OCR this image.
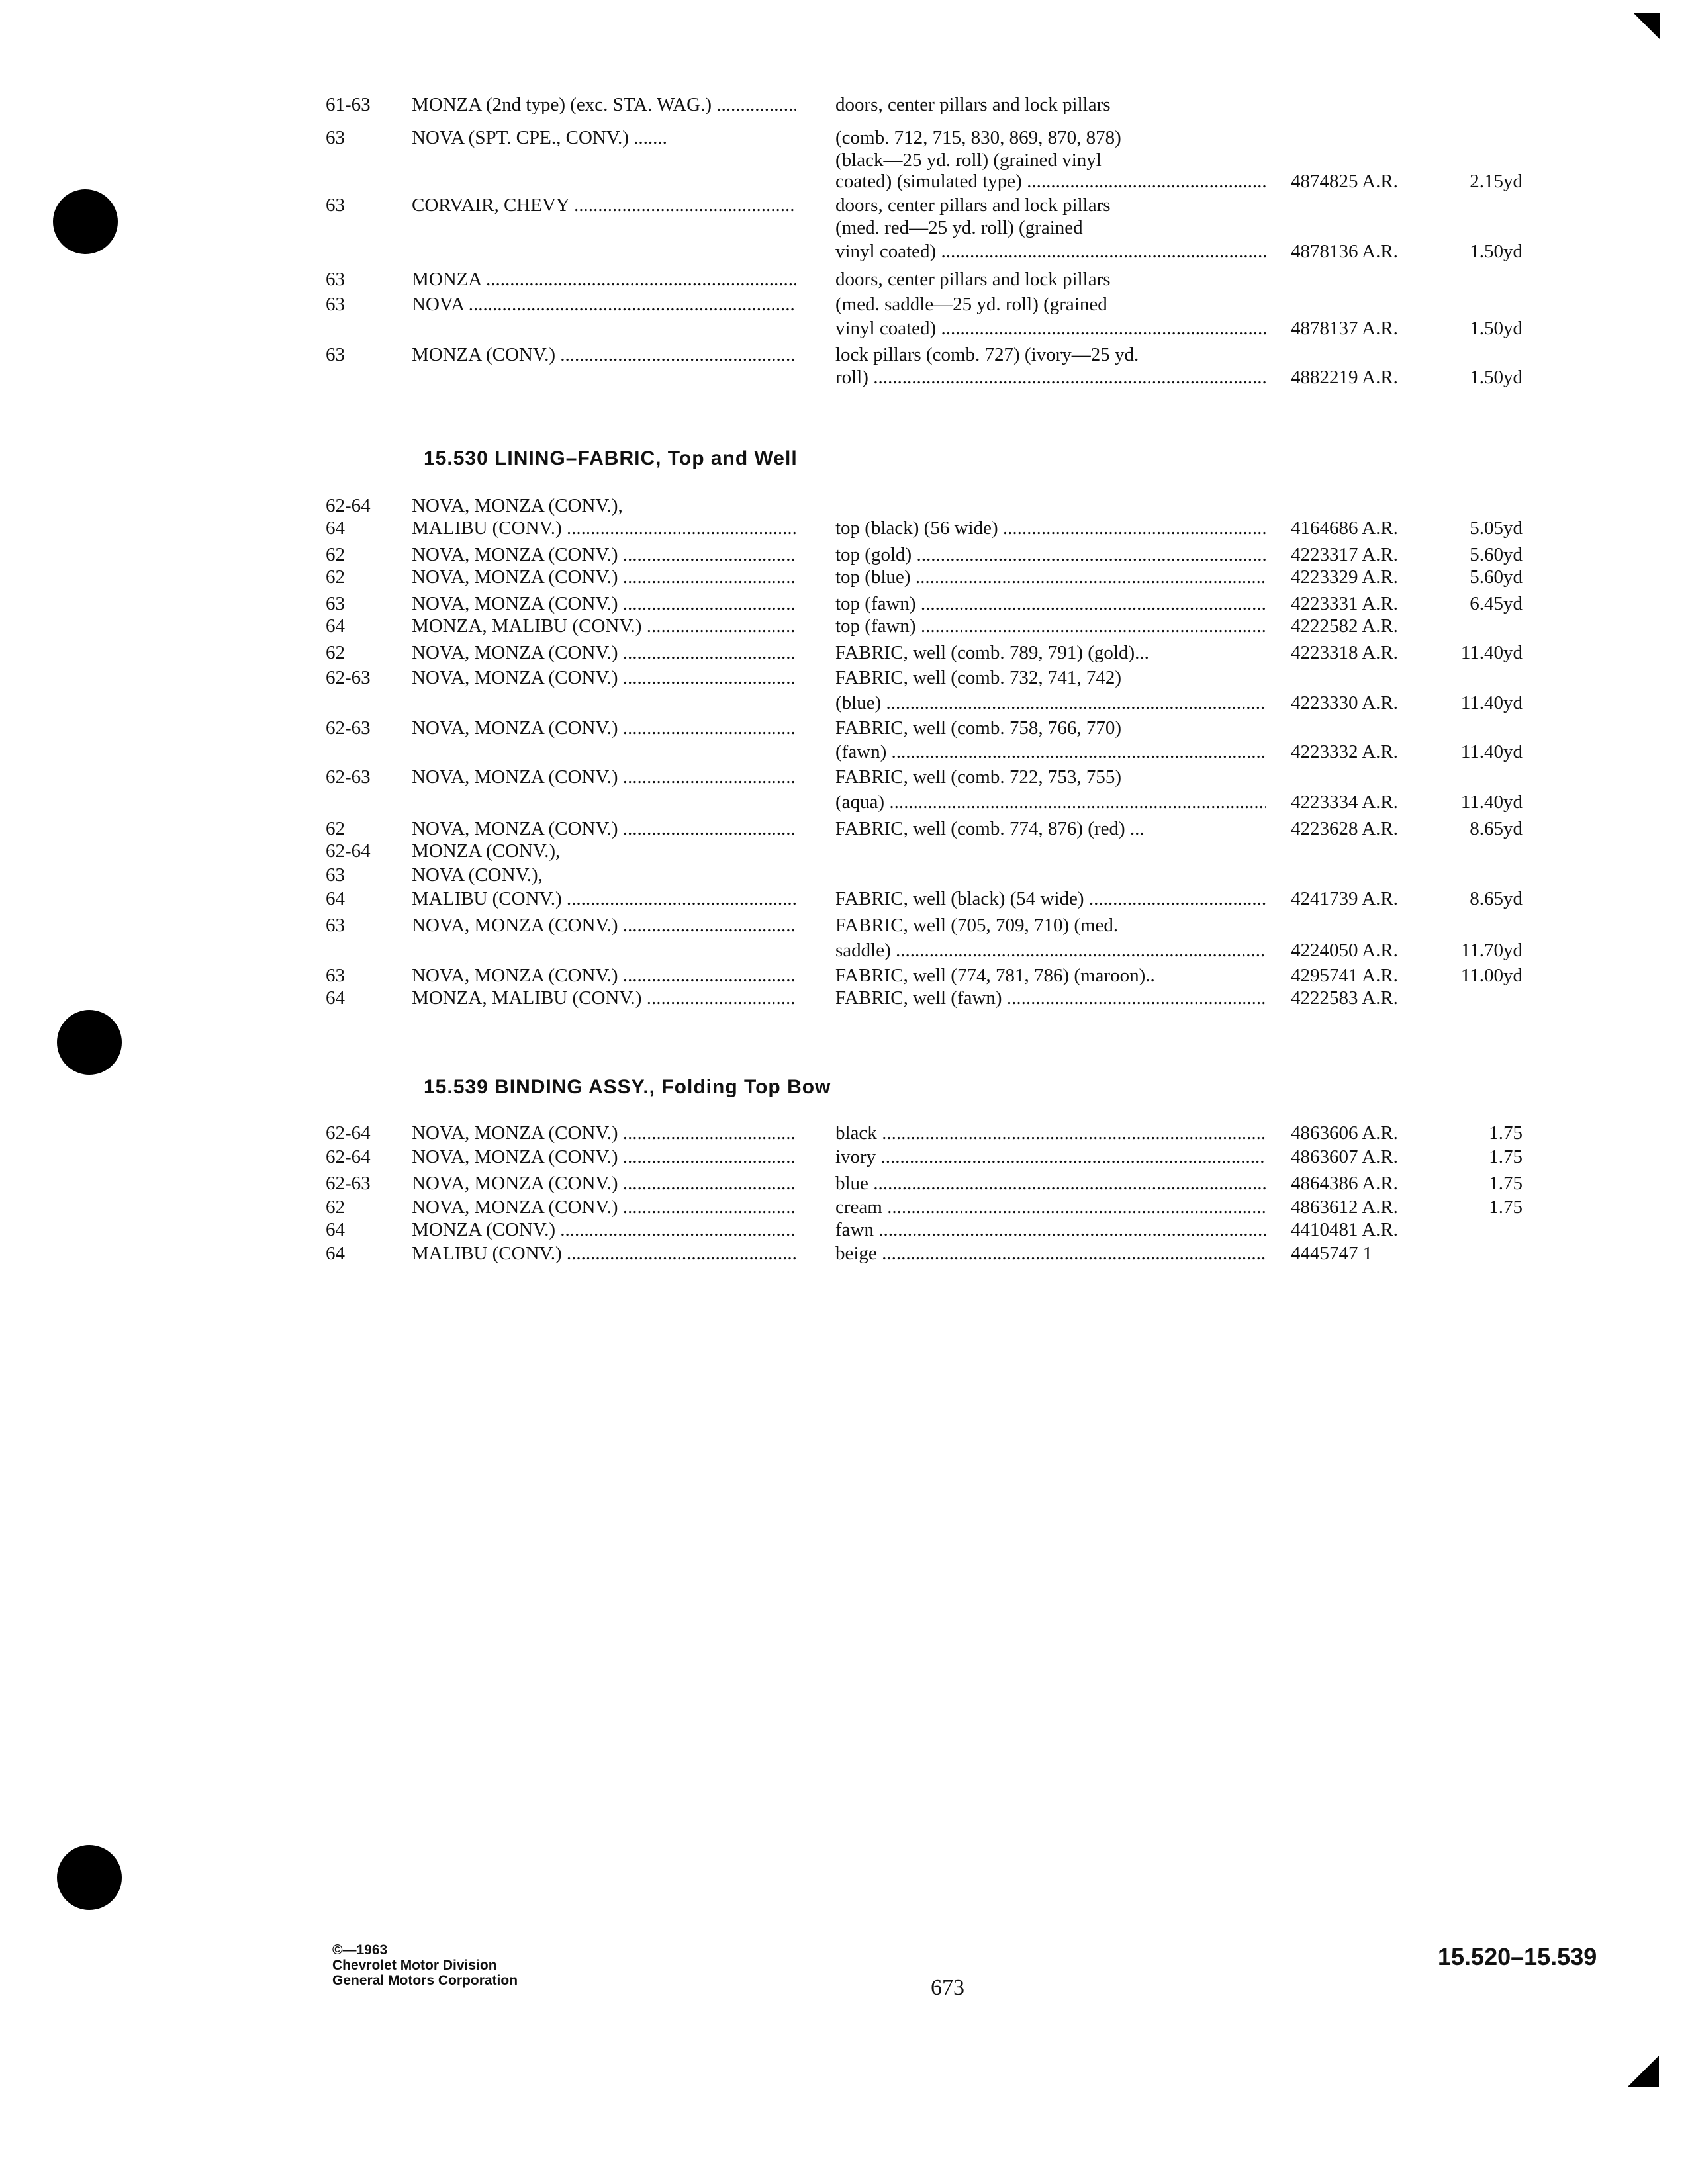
61-63	MONZA (2nd type) (exc. STA. WAG.) .....	doors, center pillars and lock pillars
63	NOVA (SPT. CPE., CONV.) .......	(comb. 712, 715, 830, 869, 870, 878)
(black—25 yd. roll) (grained vinyl
coated) (simulated type) .....	4874825 A.R.	2.15yd
63	CORVAIR, CHEVY .....	doors, center pillars and lock pillars
(med. red—25 yd. roll) (grained
vinyl coated) .....	4878136 A.R.	1.50yd
63	MONZA .....	doors, center pillars and lock pillars
63	NOVA .....	(med. saddle—25 yd. roll) (grained
vinyl coated) .....	4878137 A.R.	1.50yd
63	MONZA (CONV.) .....	lock pillars (comb. 727) (ivory—25 yd.
roll) .....	4882219 A.R.	1.50yd
15.530 LINING–FABRIC, Top and Well
62-64	NOVA, MONZA (CONV.),
64	MALIBU (CONV.) .....	top (black) (56 wide) .....	4164686 A.R.	5.05yd
62	NOVA, MONZA (CONV.) .....	top (gold) .....	4223317 A.R.	5.60yd
62	NOVA, MONZA (CONV.) .....	top (blue) .....	4223329 A.R.	5.60yd
63	NOVA, MONZA (CONV.) .....	top (fawn) .....	4223331 A.R.	6.45yd
64	MONZA, MALIBU (CONV.) .....	top (fawn) .....	4222582 A.R.
62	NOVA, MONZA (CONV.) .....	FABRIC, well (comb. 789, 791) (gold)...	4223318 A.R.	11.40yd
62-63	NOVA, MONZA (CONV.) .....	FABRIC, well (comb. 732, 741, 742)
(blue) .....	4223330 A.R.	11.40yd
62-63	NOVA, MONZA (CONV.) .....	FABRIC, well (comb. 758, 766, 770)
(fawn) .....	4223332 A.R.	11.40yd
62-63	NOVA, MONZA (CONV.) .....	FABRIC, well (comb. 722, 753, 755)
(aqua) .....	4223334 A.R.	11.40yd
62	NOVA, MONZA (CONV.) .....	FABRIC, well (comb. 774, 876) (red) ...	4223628 A.R.	8.65yd
62-64	MONZA (CONV.),
63	NOVA (CONV.),
64	MALIBU (CONV.) .....	FABRIC, well (black) (54 wide) .....	4241739 A.R.	8.65yd
63	NOVA, MONZA (CONV.) .....	FABRIC, well (705, 709, 710) (med.
saddle) .....	4224050 A.R.	11.70yd
63	NOVA, MONZA (CONV.) .....	FABRIC, well (774, 781, 786) (maroon)..	4295741 A.R.	11.00yd
64	MONZA, MALIBU (CONV.) .....	FABRIC, well (fawn) .....	4222583 A.R.
15.539 BINDING ASSY., Folding Top Bow
62-64	NOVA, MONZA (CONV.) .....	black .....	4863606 A.R.	1.75
62-64	NOVA, MONZA (CONV.) .....	ivory .....	4863607 A.R.	1.75
62-63	NOVA, MONZA (CONV.) .....	blue .....	4864386 A.R.	1.75
62	NOVA, MONZA (CONV.) .....	cream .....	4863612 A.R.	1.75
64	MONZA (CONV.) .....	fawn .....	4410481 A.R.
64	MALIBU (CONV.) .....	beige .....	4445747 1
©—1963
Chevrolet Motor Division
General Motors Corporation	673
15.520–15.539
